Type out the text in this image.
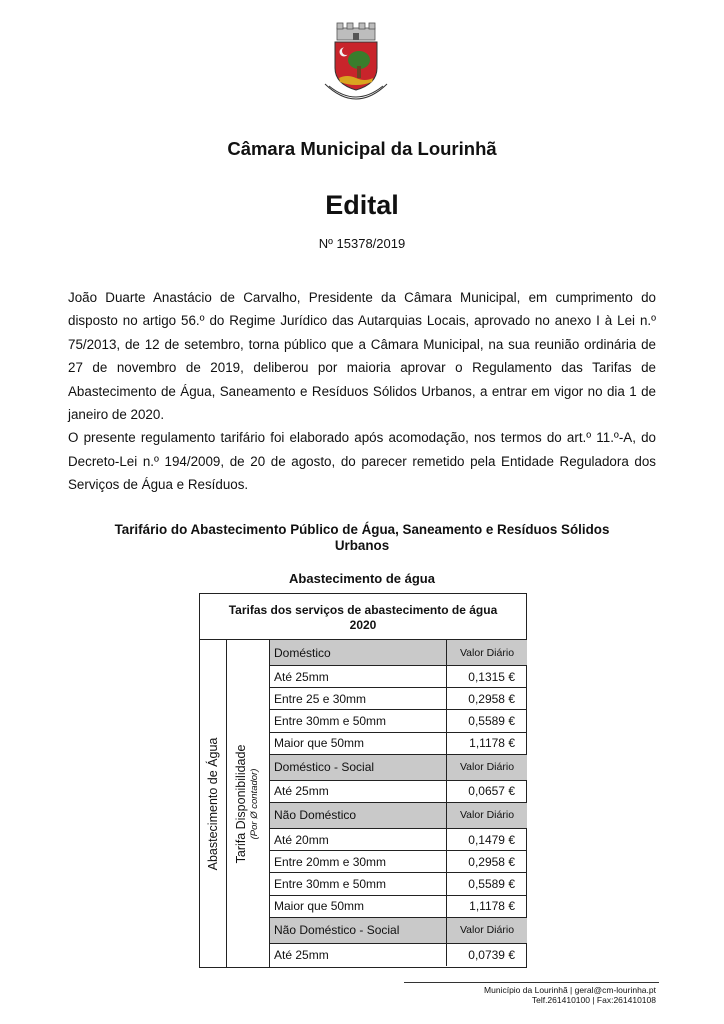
Câmara Municipal da Lourinhã
Edital
Nº 15378/2019

João Duarte Anastácio de Carvalho, Presidente da Câmara Municipal, em cumprimento do disposto no artigo 56.º do Regime Jurídico das Autarquias Locais, aprovado no anexo I à Lei n.º 75/2013, de 12 de setembro, torna público que a Câmara Municipal, na sua reunião ordinária de 27 de novembro de 2019, deliberou por maioria aprovar o Regulamento das Tarifas de Abastecimento de Água, Saneamento e Resíduos Sólidos Urbanos, a entrar em vigor no dia 1 de janeiro de 2020.

O presente regulamento tarifário foi elaborado após acomodação, nos termos do art.º 11.º-A, do Decreto-Lei n.º 194/2009, de 20 de agosto, do parecer remetido pela Entidade Reguladora dos Serviços de Água e Resíduos.

Tarifário do Abastecimento Público de Água, Saneamento e Resíduos Sólidos Urbanos
Abastecimento de água
Tarifas dos serviços de abastecimento de água
2020
Abastecimento de Água Tarifa Disponibilidade (Por Ø contador)
Doméstico	Valor Diário
Até 25mm	0,1315 €
Entre 25 e 30mm	0,2958 €
Entre 30mm e 50mm	0,5589 €
Maior que 50mm	1,1178 €
Doméstico - Social	Valor Diário
Até 25mm	0,0657 €
Não Doméstico	Valor Diário
Até 20mm	0,1479 €
Entre 20mm e 30mm	0,2958 €
Entre 30mm e 50mm	0,5589 €
Maior que 50mm	1,1178 €
Não Doméstico - Social	Valor Diário
Até 25mm	0,0739 €
Município da Lourinhã | geral@cm-lourinha.pt
Telf.261410100 | Fax:261410108
